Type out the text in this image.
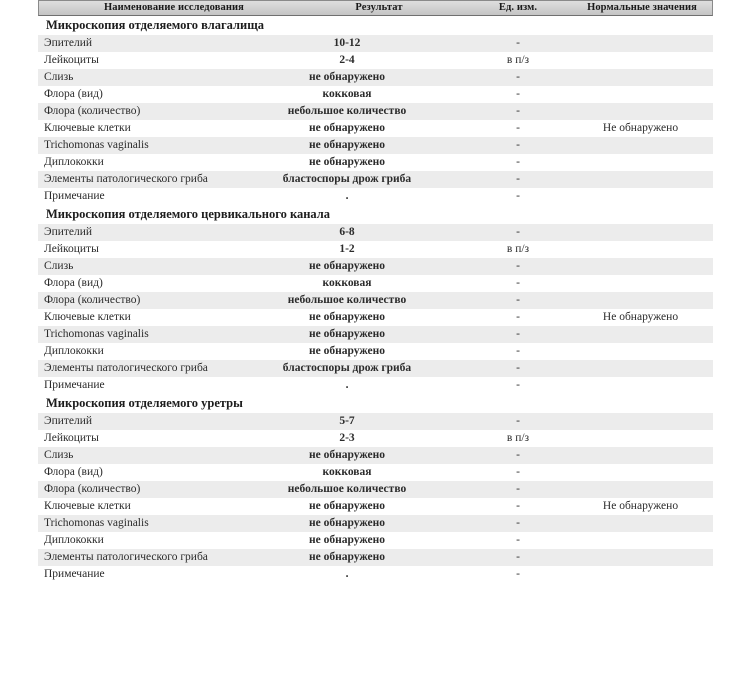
Наименование исследования	Результат	Ед. изм.	Нормальные значения
Микроскопия отделяемого влагалища
Эпителий	10-12	-
Лейкоциты	2-4	в п/з
Слизь	не обнаружено	-
Флора (вид)	кокковая	-
Флора (количество)	небольшое количество	-
Ключевые клетки	не обнаружено	-	Не обнаружено
Trichomonas vaginalis	не обнаружено	-
Диплококки	не обнаружено	-
Элементы патологического гриба	бластоспоры дрож гриба	-
Примечание	.	-
Микроскопия отделяемого цервикального канала
Эпителий	6-8	-
Лейкоциты	1-2	в п/з
Слизь	не обнаружено	-
Флора (вид)	кокковая	-
Флора (количество)	небольшое количество	-
Ключевые клетки	не обнаружено	-	Не обнаружено
Trichomonas vaginalis	не обнаружено	-
Диплококки	не обнаружено	-
Элементы патологического гриба	бластоспоры дрож гриба	-
Примечание	.	-
Микроскопия отделяемого уретры
Эпителий	5-7	-
Лейкоциты	2-3	в п/з
Слизь	не обнаружено	-
Флора (вид)	кокковая	-
Флора (количество)	небольшое количество	-
Ключевые клетки	не обнаружено	-	Не обнаружено
Trichomonas vaginalis	не обнаружено	-
Диплококки	не обнаружено	-
Элементы патологического гриба	не обнаружено	-
Примечание	.	-
